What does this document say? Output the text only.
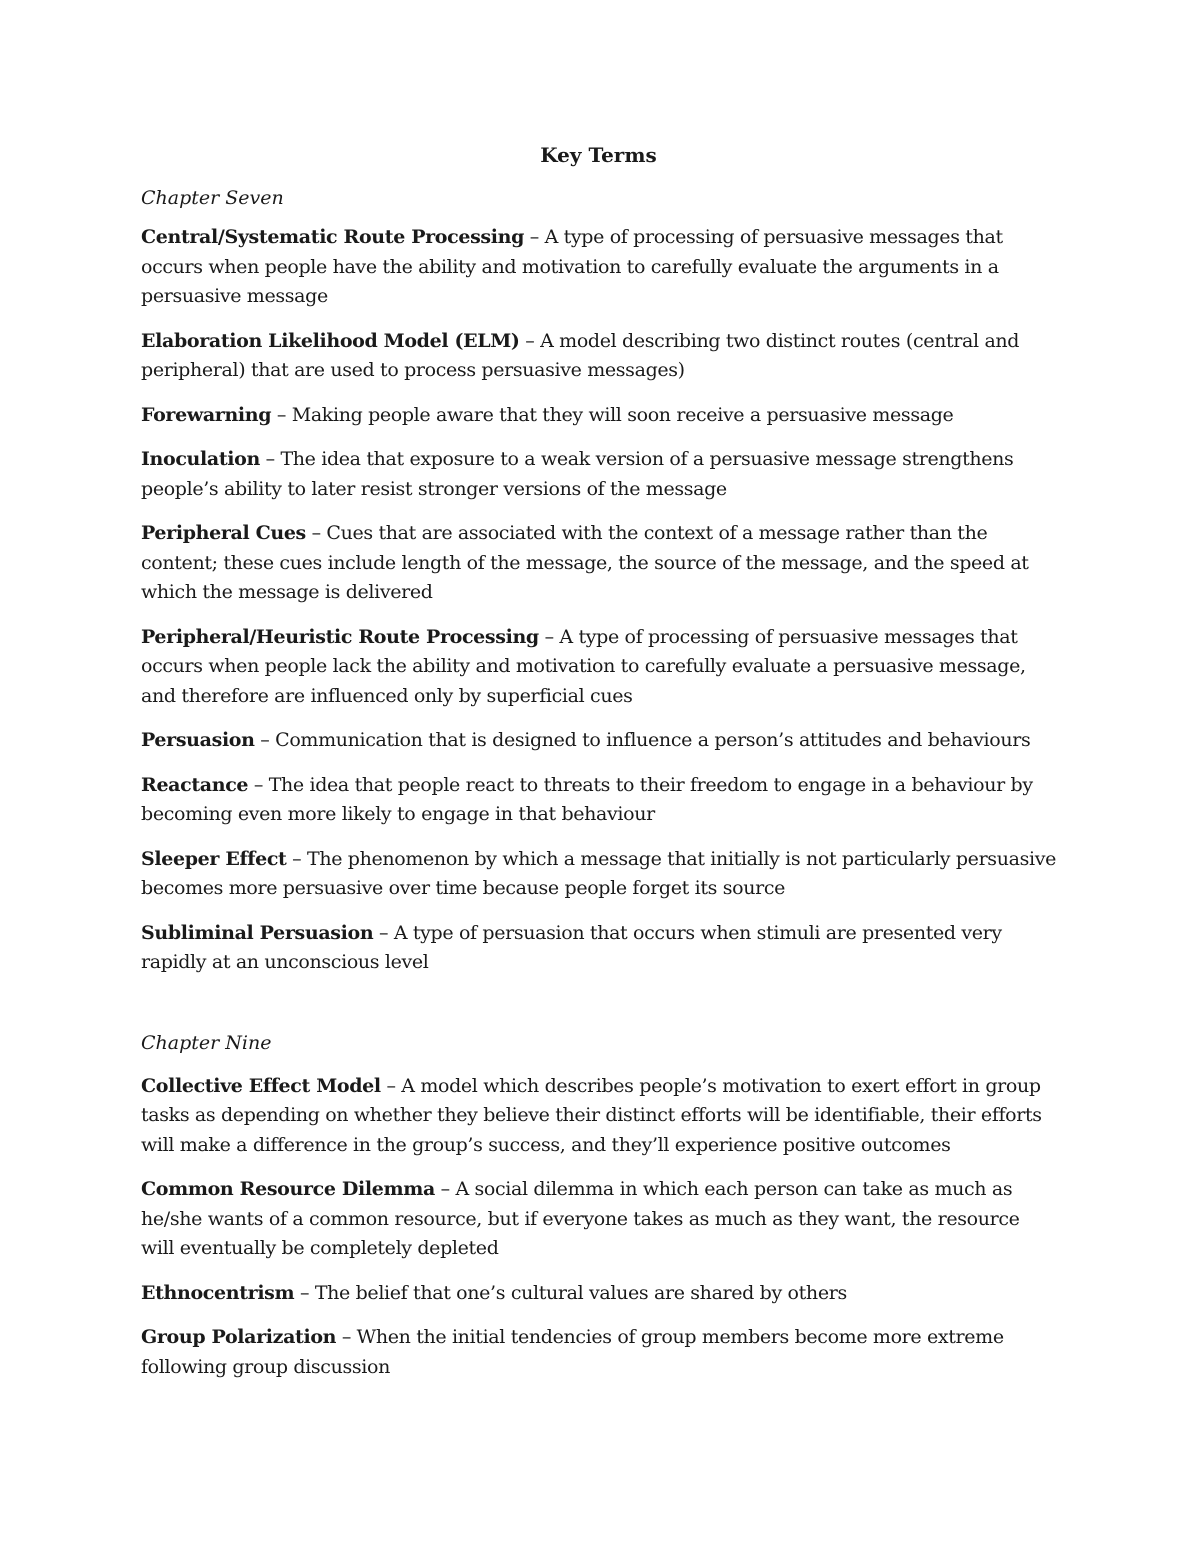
Key Terms
Chapter Seven

Central/Systematic Route Processing – A type of processing of persuasive messages that occurs when people have the ability and motivation to carefully evaluate the arguments in a persuasive message

Elaboration Likelihood Model (ELM) – A model describing two distinct routes (central and peripheral) that are used to process persuasive messages)

Forewarning – Making people aware that they will soon receive a persuasive message

Inoculation – The idea that exposure to a weak version of a persuasive message strengthens people’s ability to later resist stronger versions of the message

Peripheral Cues – Cues that are associated with the context of a message rather than the content; these cues include length of the message, the source of the message, and the speed at which the message is delivered

Peripheral/Heuristic Route Processing – A type of processing of persuasive messages that occurs when people lack the ability and motivation to carefully evaluate a persuasive message, and therefore are influenced only by superficial cues

Persuasion – Communication that is designed to influence a person’s attitudes and behaviours

Reactance – The idea that people react to threats to their freedom to engage in a behaviour by becoming even more likely to engage in that behaviour

Sleeper Effect – The phenomenon by which a message that initially is not particularly persuasive becomes more persuasive over time because people forget its source

Subliminal Persuasion – A type of persuasion that occurs when stimuli are presented very rapidly at an unconscious level

Chapter Nine

Collective Effect Model – A model which describes people’s motivation to exert effort in group tasks as depending on whether they believe their distinct efforts will be identifiable, their efforts will make a difference in the group’s success, and they’ll experience positive outcomes

Common Resource Dilemma – A social dilemma in which each person can take as much as he/she wants of a common resource, but if everyone takes as much as they want, the resource will eventually be completely depleted

Ethnocentrism – The belief that one’s cultural values are shared by others

Group Polarization – When the initial tendencies of group members become more extreme following group discussion
